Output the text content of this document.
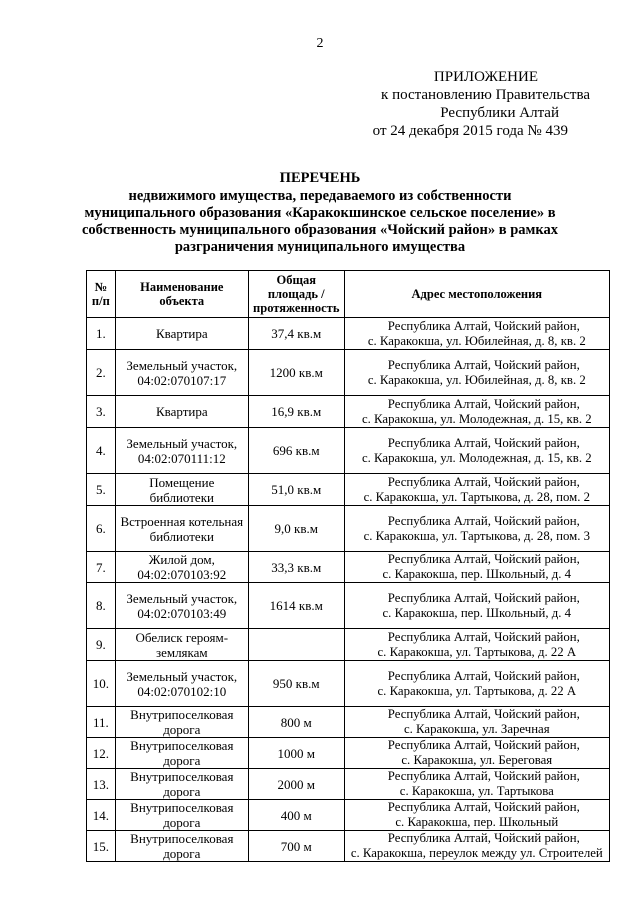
2
ПРИЛОЖЕНИЕ
к постановлению Правительства
Республики Алтай
от 24 декабря 2015 года № 439
ПЕРЕЧЕНЬ
недвижимого имущества, передаваемого из собственности
муниципального образования «Каракокшинское сельское поселение» в
собственность муниципального образования «Чойский район» в рамках
разграничения муниципального имущества
№ п/п	Наименование объекта	Общая площадь / протяженность	Адрес местоположения
1.	Квартира	37,4 кв.м	Республика Алтай, Чойский район,
с. Каракокша, ул. Юбилейная, д. 8, кв. 2

2.	Земельный участок, 04:02:070107:17	1200 кв.м	Республика Алтай, Чойский район,
с. Каракокша, ул. Юбилейная, д. 8, кв. 2

3.	Квартира	16,9 кв.м	Республика Алтай, Чойский район,
с. Каракокша, ул. Молодежная, д. 15, кв. 2

4.	Земельный участок, 04:02:070111:12	696 кв.м	Республика Алтай, Чойский район,
с. Каракокша, ул. Молодежная, д. 15, кв. 2

5.	Помещение библиотеки	51,0 кв.м	Республика Алтай, Чойский район,
с. Каракокша, ул. Тартыкова, д. 28, пом. 2

6.	Встроенная котельная библиотеки	9,0 кв.м	Республика Алтай, Чойский район,
с. Каракокша, ул. Тартыкова, д. 28, пом. 3

7.	Жилой дом, 04:02:070103:92	33,3 кв.м	Республика Алтай, Чойский район,
с. Каракокша, пер. Школьный, д. 4

8.	Земельный участок, 04:02:070103:49	1614 кв.м	Республика Алтай, Чойский район,
с. Каракокша, пер. Школьный, д. 4

9.	Обелиск героям-землякам		Республика Алтай, Чойский район,
с. Каракокша, ул. Тартыкова, д. 22 А

10.	Земельный участок, 04:02:070102:10	950 кв.м	Республика Алтай, Чойский район,
с. Каракокша, ул. Тартыкова, д. 22 А

11.	Внутрипоселковая дорога	800 м	Республика Алтай, Чойский район,
с. Каракокша, ул. Заречная

12.	Внутрипоселковая дорога	1000 м	Республика Алтай, Чойский район,
с. Каракокша, ул. Береговая

13.	Внутрипоселковая дорога	2000 м	Республика Алтай, Чойский район,
с. Каракокша, ул. Тартыкова

14.	Внутрипоселковая дорога	400 м	Республика Алтай, Чойский район,
с. Каракокша, пер. Школьный

15.	Внутрипоселковая дорога	700 м	Республика Алтай, Чойский район,
с. Каракокша, переулок между ул. Строителей
